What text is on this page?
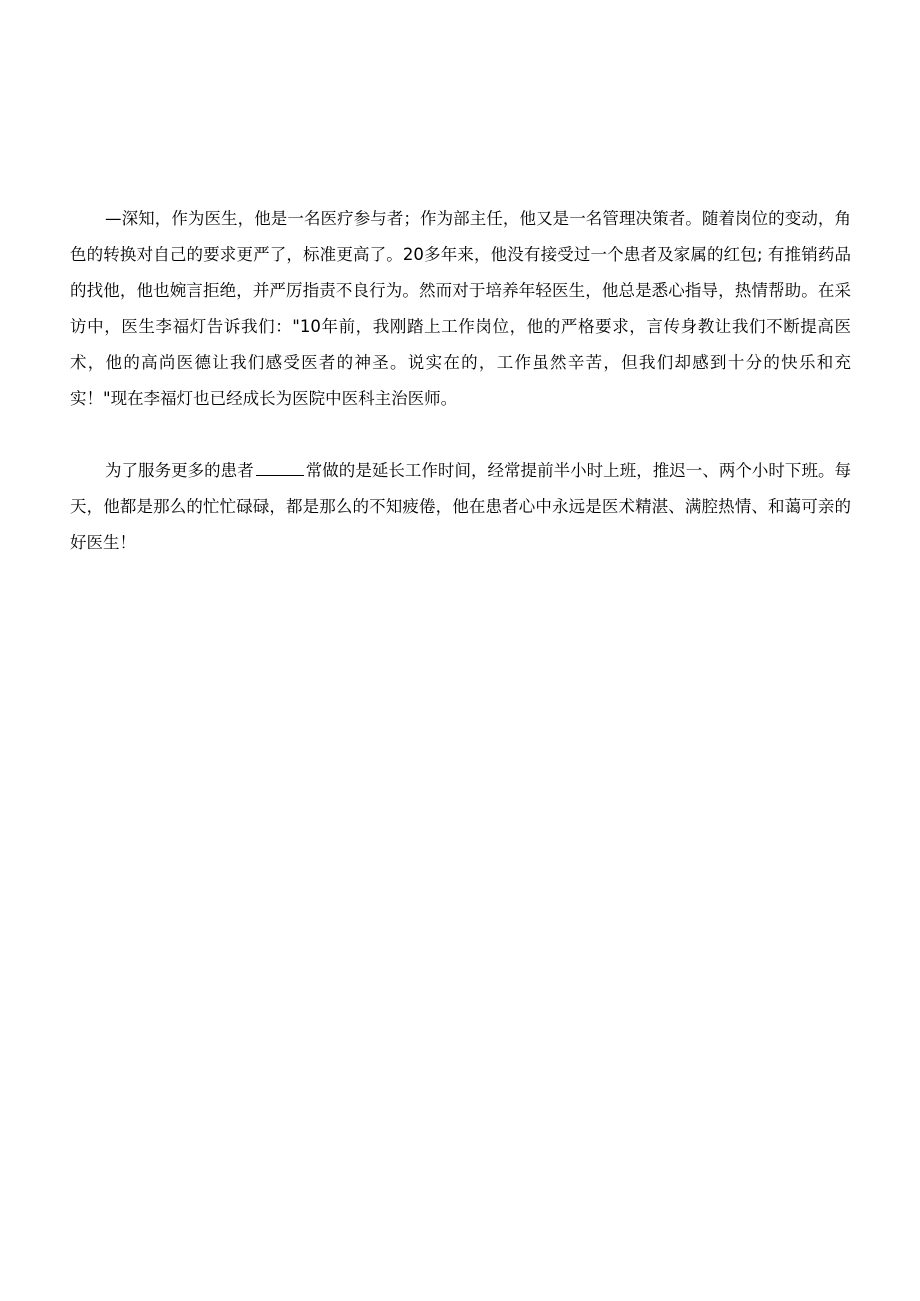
—深知，作为医生，他是一名医疗参与者；作为部主任，他又是一名管理决策者。随着岗位的变动，角色的转换对自己的要求更严了，标准更高了。20多年来，他没有接受过一个患者及家属的红包; 有推销药品的找他，他也婉言拒绝，并严厉指责不良行为。然而对于培养年轻医生，他总是悉心指导，热情帮助。在采访中，医生李福灯告诉我们："10年前，我刚踏上工作岗位，他的严格要求，言传身教让我们不断提高医术，他的高尚医德让我们感受医者的神圣。说实在的，工作虽然辛苦，但我们却感到十分的快乐和充实！"现在李福灯也已经成长为医院中医科主治医师。

为了服务更多的患者	常做的是延长工作时间，经常提前半小时上班，推迟一、两个小时下班。每天，他都是那么的忙忙碌碌，都是那么的不知疲倦，他在患者心中永远是医术精湛、满腔热情、和蔼可亲的好医生！
